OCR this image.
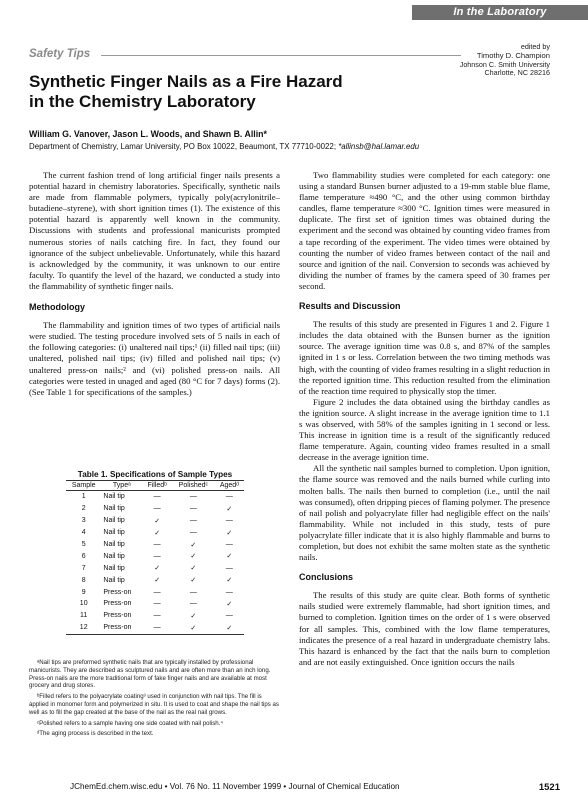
In the Laboratory
Safety Tips
edited by
Timothy D. Champion
Johnson C. Smith University
Charlotte, NC 28216
Synthetic Finger Nails as a Fire Hazard
in the Chemistry Laboratory
William G. Vanover, Jason L. Woods, and Shawn B. Allin*
Department of Chemistry, Lamar University, PO Box 10022, Beaumont, TX 77710-0022; *allinsb@hal.lamar.edu

The current fashion trend of long artificial finger nails presents a potential hazard in chemistry laboratories. Specifically, synthetic nails are made from flammable polymers, typically poly(acrylonitrile–butadiene–styrene), with short ignition times (1). The existence of this potential hazard is apparently well known in the community. Discussions with students and professional manicurists prompted numerous stories of nails catching fire. In fact, they found our ignorance of the subject unbelievable. Unfortunately, while this hazard is acknowledged by the community, it was unknown to our entire faculty. To quantify the level of the hazard, we conducted a study into the flammability of synthetic finger nails.

Methodology

The flammability and ignition times of two types of artificial nails were studied. The testing procedure involved sets of 5 nails in each of the following categories: (i) unaltered nail tips;¹ (ii) filled nail tips; (iii) unaltered, polished nail tips; (iv) filled and polished nail tips; (v) unaltered press-on nails;² and (vi) polished press-on nails. All categories were tested in unaged and aged (80 °C for 7 days) forms (2). (See Table 1 for specifications of the samples.)

Table 1. Specifications of Sample Types
Sample	Typeᵃ	Filledᵇ	Polishedᶜ	Agedᵈ
1	Nail tip	—	—	—
2	Nail tip	—	—	✓
3	Nail tip	✓	—	—
4	Nail tip	✓	—	✓
5	Nail tip	—	✓	—
6	Nail tip	—	✓	✓
7	Nail tip	✓	✓	—
8	Nail tip	✓	✓	✓
9	Press-on	—	—	—
10	Press-on	—	—	✓
11	Press-on	—	✓	—
12	Press-on	—	✓	✓

ᵃNail tips are preformed synthetic nails that are typically installed by professional manicurists. They are described as sculptured nails and are often more than an inch long. Press-on nails are the more traditional form of fake finger nails and are available at most grocery and drug stores.

ᵇFilled refers to the polyacrylate coating³ used in conjunction with nail tips. The fill is applied in monomer form and polymerized in situ. It is used to coat and shape the nail tips as well as to fill the gap created at the base of the nail as the real nail grows.

ᶜPolished refers to a sample having one side coated with nail polish.⁴

ᵈThe aging process is described in the text.

Two flammability studies were completed for each category: one using a standard Bunsen burner adjusted to a 19-mm stable blue flame, flame temperature ≈490 °C, and the other using common birthday candles, flame temperature ≈300 °C. Ignition times were measured in duplicate. The first set of ignition times was obtained during the experiment and the second was obtained by counting video frames from a tape recording of the experiment. The video times were obtained by counting the number of video frames between contact of the nail and source and ignition of the nail. Conversion to seconds was achieved by dividing the number of frames by the camera speed of 30 frames per second.

Results and Discussion

The results of this study are presented in Figures 1 and 2. Figure 1 includes the data obtained with the Bunsen burner as the ignition source. The average ignition time was 0.8 s, and 87% of the samples ignited in 1 s or less. Correlation between the two timing methods was high, with the counting of video frames resulting in a slight reduction in the reported ignition time. This reduction resulted from the elimination of the reaction time required to physically stop the timer.

Figure 2 includes the data obtained using the birthday candles as the ignition source. A slight increase in the average ignition time to 1.1 s was observed, with 58% of the samples igniting in 1 second or less. This increase in ignition time is a result of the significantly reduced flame temperature. Again, counting video frames resulted in a small decrease in the average ignition time.

All the synthetic nail samples burned to completion. Upon ignition, the flame source was removed and the nails burned while curling into molten balls. The nails then burned to completion (i.e., until the nail was consumed), often dripping pieces of flaming polymer. The presence of nail polish and polyacrylate filler had negligible effect on the nails' flammability. While not included in this study, tests of pure polyacrylate filler indicate that it is also highly flammable and burns to completion, but does not exhibit the same molten state as the synthetic nails.

Conclusions

The results of this study are quite clear. Both forms of synthetic nails studied were extremely flammable, had short ignition times, and burned to completion. Ignition times on the order of 1 s were observed for all samples. This, combined with the low flame temperatures, indicates the presence of a real hazard in undergraduate chemistry labs. This hazard is enhanced by the fact that the nails burn to completion and are not easily extinguished. Once ignition occurs the nails

JChemEd.chem.wisc.edu • Vol. 76 No. 11 November 1999 • Journal of Chemical Education	1521
